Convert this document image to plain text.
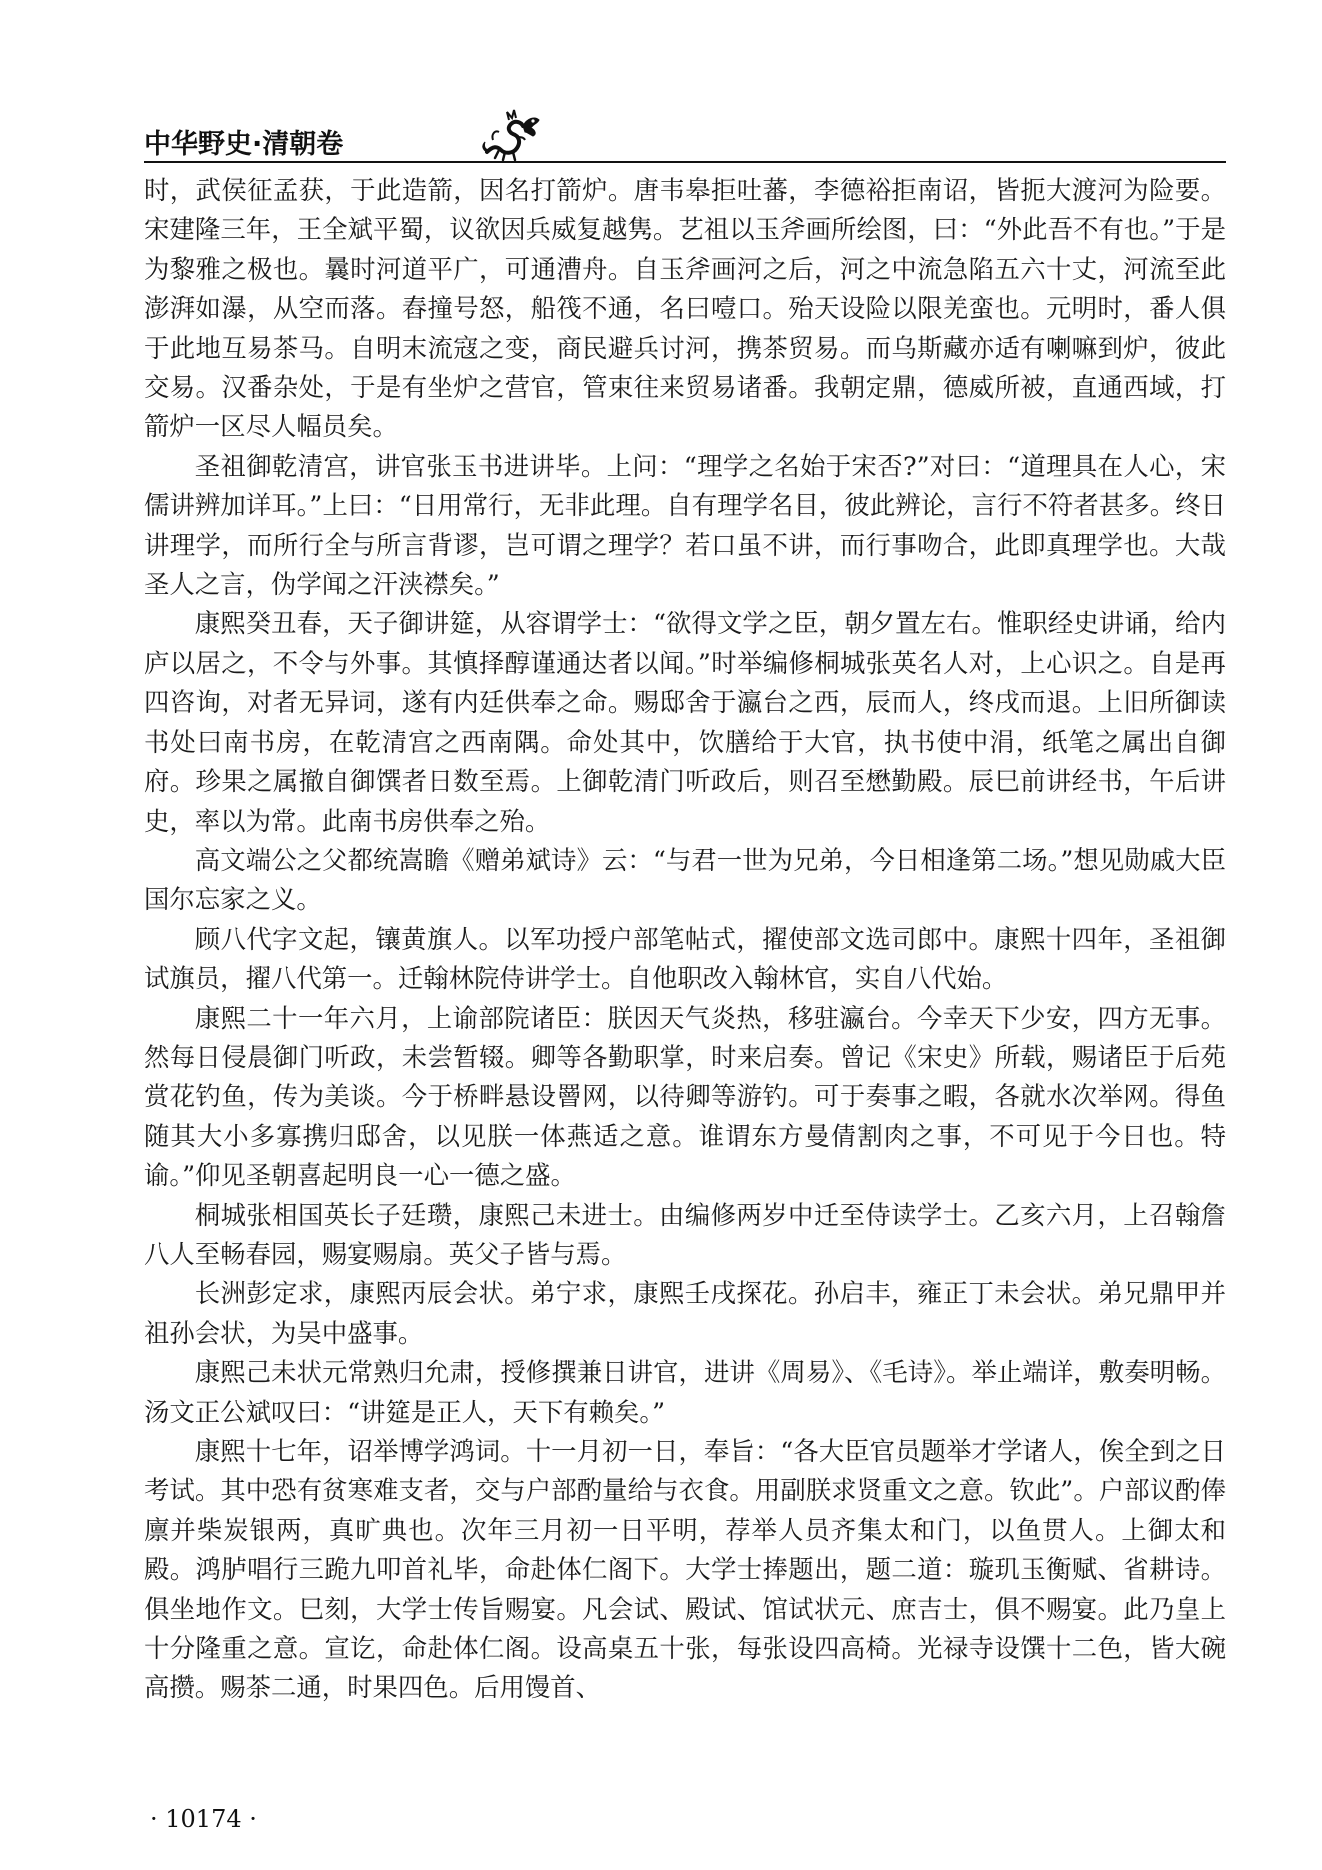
中华野史·清朝卷

时，武侯征孟获，于此造箭，因名打箭炉。唐韦皋拒吐蕃，李德裕拒南诏，皆扼大渡河为险要。宋建隆三年，王全斌平蜀，议欲因兵威复越隽。艺祖以玉斧画所绘图，曰：“外此吾不有也。”于是为黎雅之极也。曩时河道平广，可通漕舟。自玉斧画河之后，河之中流急陷五六十丈，河流至此澎湃如瀑，从空而落。舂撞号怒，船筏不通，名曰噎口。殆天设险以限羌蛮也。元明时，番人俱于此地互易茶马。自明末流寇之变，商民避兵讨河，携茶贸易。而乌斯藏亦适有喇嘛到炉，彼此交易。汉番杂处，于是有坐炉之营官，管束往来贸易诸番。我朝定鼎，德威所被，直通西域，打箭炉一区尽人幅员矣。

圣祖御乾清宫，讲官张玉书进讲毕。上问：“理学之名始于宋否?”对曰：“道理具在人心，宋儒讲辨加详耳。”上曰：“日用常行，无非此理。自有理学名目，彼此辨论，言行不符者甚多。终日讲理学，而所行全与所言背谬，岂可谓之理学？若口虽不讲，而行事吻合，此即真理学也。大哉圣人之言，伪学闻之汗浃襟矣。”

康熙癸丑春，天子御讲筵，从容谓学士：“欲得文学之臣，朝夕置左右。惟职经史讲诵，给内庐以居之，不令与外事。其慎择醇谨通达者以闻。”时举编修桐城张英名人对，上心识之。自是再四咨询，对者无异词，遂有内廷供奉之命。赐邸舍于瀛台之西，辰而人，终戌而退。上旧所御读书处曰南书房，在乾清宫之西南隅。命处其中，饮膳给于大官，执书使中涓，纸笔之属出自御府。珍果之属撤自御馔者日数至焉。上御乾清门听政后，则召至懋勤殿。辰巳前讲经书，午后讲史，率以为常。此南书房供奉之殆。

高文端公之父都统嵩瞻《赠弟斌诗》云：“与君一世为兄弟，今日相逢第二场。”想见勋戚大臣国尔忘家之义。

顾八代字文起，镶黄旗人。以军功授户部笔帖式，擢使部文选司郎中。康熙十四年，圣祖御试旗员，擢八代第一。迁翰林院侍讲学士。自他职改入翰林官，实自八代始。

康熙二十一年六月，上谕部院诸臣：朕因天气炎热，移驻瀛台。今幸天下少安，四方无事。然每日侵晨御门听政，未尝暂辍。卿等各勤职掌，时来启奏。曾记《宋史》所载，赐诸臣于后苑赏花钓鱼，传为美谈。今于桥畔悬设罾网，以待卿等游钓。可于奏事之暇，各就水次举网。得鱼随其大小多寡携归邸舍，以见朕一体燕适之意。谁谓东方曼倩割肉之事，不可见于今日也。特谕。”仰见圣朝喜起明良一心一德之盛。

桐城张相国英长子廷瓒，康熙己未进士。由编修两岁中迁至侍读学士。乙亥六月，上召翰詹八人至畅春园，赐宴赐扇。英父子皆与焉。

长洲彭定求，康熙丙辰会状。弟宁求，康熙壬戌探花。孙启丰，雍正丁未会状。弟兄鼎甲并祖孙会状，为吴中盛事。

康熙己未状元常熟归允肃，授修撰兼日讲官，进讲《周易》、《毛诗》。举止端详，敷奏明畅。汤文正公斌叹曰：“讲筵是正人，天下有赖矣。”

康熙十七年，诏举博学鸿词。十一月初一日，奉旨：“各大臣官员题举才学诸人，俟全到之日考试。其中恐有贫寒难支者，交与户部酌量给与衣食。用副朕求贤重文之意。钦此”。户部议酌俸廪并柴炭银两，真旷典也。次年三月初一日平明，荐举人员齐集太和门，以鱼贯人。上御太和殿。鸿胪唱行三跪九叩首礼毕，命赴体仁阁下。大学士捧题出，题二道：璇玑玉衡赋、省耕诗。俱坐地作文。巳刻，大学士传旨赐宴。凡会试、殿试、馆试状元、庶吉士，俱不赐宴。此乃皇上十分隆重之意。宣讫，命赴体仁阁。设高桌五十张，每张设四高椅。光禄寺设馔十二色，皆大碗高攒。赐茶二通，时果四色。后用馒首、

· 10174 ·
